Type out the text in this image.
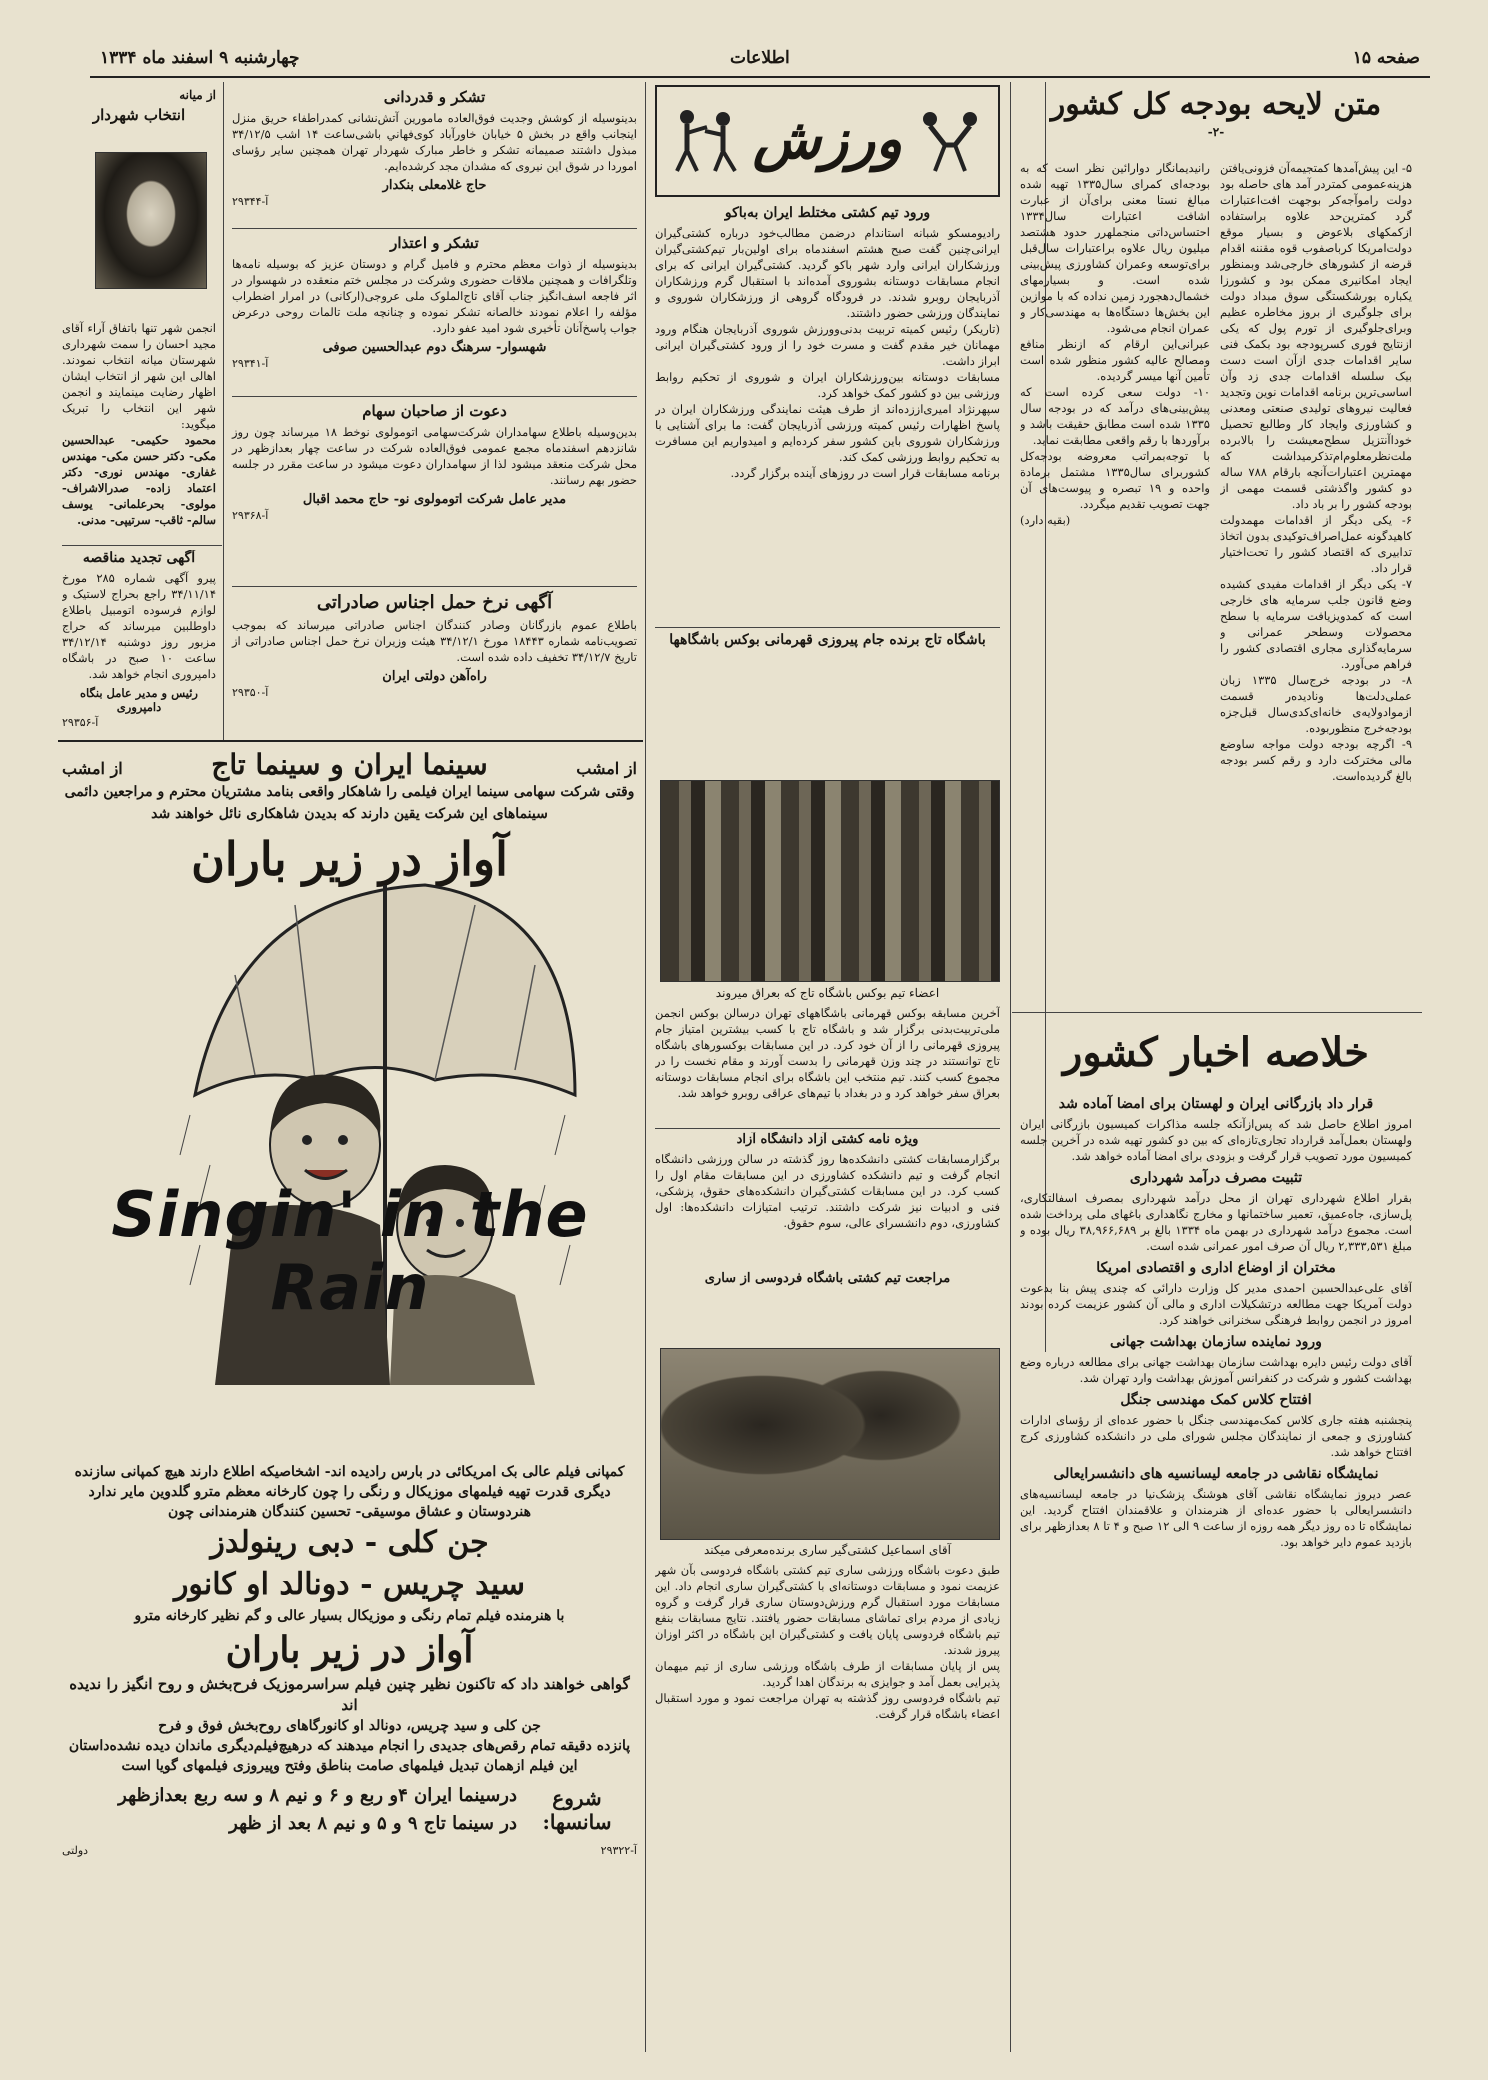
صفحه ۱۵
اطلاعات
چهارشنبه ۹ اسفند ماه ۱۳۳۴
متن لایحه بودجه کل کشور
-۲-

۵- این پیش‌آمدها کمتجیمه‌آن فزونی‌یافتن هزینه‌عمومی کمتردر آمد های حاصله بود دولت راموآجه‌کر بوجهت افت‌اعتبارات گرد کمترین‌حد علاوه براستفاده ازکمکهای بلاعوض و بسیار موقع دولت‌امریکا کرباصفوب قوه مقننه اقدام قرضه از کشورهای خارجی‌شد وبمنظور ایجاد امکانیری ممکن بود و کشورزا یکباره بورشکستگی سوق مبداد دولت برای جلوگیری از بروز مخاطره عظیم وبرای‌جلوگیری از تورم پول که یکی ازنتایج فوری کسرپودجه بود بکمک فنی سایر اقدامات جدی ازآن است دست بیک سلسله اقدامات جدی زد وآن اساسی‌ترین برنامه اقدامات نوین وتجدید فعالیت نیروهای تولیدی صنعتی ومعدنی و کشاورزی وایجاد کار وطالبع تحصیل خوداآنتزیل سطح‌معیشت را بالابرده ملت‌نظرمعلوم‌ام‌تذکرمیداشت که مهمترین اعتبارات‌آنچه بارقام ۷۸۸ ساله دو کشور واگذشتی قسمت مهمی از بودجه کشور را بر باد داد.
۶- یکی دیگر از اقدامات مهمدولت کاهیدگونه عمل‌اصراف‌توکیدی بدون اتخاذ تدابیری که اقتصاد کشور را تحت‌اختیار قرار داد.
۷- یکی دیگر از اقدامات مفیدی کشیده وضع قانون جلب سرمایه های خارجی است که کمدویزیافت سرمایه با سطح محصولات وسطحر عمرانی و سرمایه‌گذاری مجاری اقتصادی کشور را فراهم می‌آورد.
۸- در بودجه خرج‌سال ۱۳۳۵ زبان عملی‌دلت‌ها ونادیده‌ر قسمت ازمواد‌ولایه‌ی خانه‌ای‌کدی‌سال قبل‌جزه بودجه‌خرج منظوربوده.
۹- اگرچه بودجه دولت مواجه ساوضع مالی مخترکت دارد و رقم کسر بودجه بالغ گردیده‌است.

رانیدیمانگار دوارائین نظر است که به بودجه‌ای کمرای سال۱۳۳۵ تهیه شده مبالغ نستا معنی برای‌آن از عبارت اشافت اعتبارات سال۱۳۳۴ احتساس‌داتی منجملهرر حدود هشتصد میلیون ریال علاوه براعتبارات سال‌قبل برای‌توسعه وعمران کشاورزی پیش‌بینی شده است. و بسیارمهای خشمال‌دهجورد زمین نداده که با موازین این بخش‌ها دستگاه‌ها به مهندسی‌کار و عمران انجام می‌شود.
عبرانی‌این ارقام که ازنظر منافع ومصالح عالیه کشور منظور شده است تأمین آنها میسر گردیده.
۱۰- دولت سعی کرده است که پیش‌بینی‌های درآمد که در بودجه سال ۱۳۳۵ شده است مطابق حقیقت باشد و برآوردها با رقم واقعی مطابقت نماید.
با توجه‌بمراتب معروضه بودجه‌کل کشوربرای سال۱۳۳۵ مشتمل برمادة واحده و ۱۹ تبصره و پیوست‌های آن جهت تصویب تقدیم میگردد.

(بقیه دارد)

خلاصه اخبار کشور
قرار داد بازرگانی ایران و لهستان برای امضا آماده شد

امروز اطلاع حاصل شد که پس‌ازآنکه جلسه مذاکرات کمیسیون بازرگانی ایران ولهستان بعمل‌آمد قرارداد تجاری‌تازه‌ای که بین دو کشور تهیه شده در آخرین جلسه کمیسیون مورد تصویب قرار گرفت و بزودی برای امضا آماده خواهد شد.

تثبیت مصرف درآمد شهرداری

بقرار اطلاع شهرداری تهران از محل درآمد شهرداری بمصرف اسفالتکاری، پل‌سازی، جاه‌عمیق، تعمیر ساختمانها و مخارج نگاهداری باغهای ملی پرداخت شده است. مجموع درآمد شهرداری در بهمن ماه ۱۳۳۴ بالغ بر ۳۸,۹۶۶,۶۸۹ ریال بوده و مبلغ ۲,۳۳۳,۵۳۱ ریال آن صرف امور عمرانی شده است.

مختران از اوضاع اداری و اقتصادی امریکا

آقای علی‌عبدالحسین احمدی مدیر کل وزارت دارائی که چندی پیش بنا بدعوت دولت آمریکا جهت مطالعه درتشکیلات اداری و مالی آن کشور عزیمت کرده بودند امروز در انجمن روابط فرهنگی سخنرانی خواهند کرد.

ورود نماینده سازمان بهداشت جهانی

آقای دولت رئیس دایره بهداشت سازمان بهداشت جهانی برای مطالعه درباره وضع بهداشت کشور و شرکت در کنفرانس آموزش بهداشت وارد تهران شد.

افتتاح کلاس کمک مهندسی جنگل

پنجشنبه هفته جاری کلاس کمک‌مهندسی جنگل با حضور عده‌ای از رؤسای ادارات کشاورزی و جمعی از نمایندگان مجلس شورای ملی در دانشکده کشاورزی کرج افتتاح خواهد شد.

نمایشگاه نقاشی در جامعه لیسانسیه های دانشسرایعالی

عصر دیروز نمایشگاه نقاشی آقای هوشنگ پزشک‌نیا در جامعه لیسانسیه‌های دانشسرایعالی با حضور عده‌ای از هنرمندان و علاقمندان افتتاح گردید. این نمایشگاه تا ده روز دیگر همه روزه از ساعت ۹ الی ۱۲ صبح و ۴ تا ۸ بعدازظهر برای بازدید عموم دایر خواهد بود.

ورزش
ورود تیم کشتی مختلط ایران به‌باکو

رادیومسکو شبانه استاندام درضمن مطالب‌خود درباره کشتی‌گیران ایرانی‌چنین گفت صبح هشتم اسفندماه برای اولین‌بار تیم‌کشتی‌گیران ورزشکاران ایرانی وارد شهر باکو گردید. کشتی‌گیران ایرانی که برای انجام مسابقات دوستانه بشوروی آمده‌اند با استقبال گرم ورزشکاران آذربایجان روبرو شدند. در فرودگاه گروهی از ورزشکاران شوروی و نمایندگان ورزشی حضور داشتند.
(تاریکر) رئیس کمیته تربیت بدنی‌وورزش شوروی آذربایجان هنگام ورود مهمانان خیر مقدم گفت و مسرت خود را از ورود کشتی‌گیران ایرانی ابراز داشت.
مسابقات دوستانه بین‌ورزشکاران ایران و شوروی از تحکیم روابط ورزشی بین دو کشور کمک خواهد کرد.
سپهرنژاد امیری‌اززده‌اند از طرف هیئت نمایندگی ورزشکاران ایران در پاسخ اظهارات رئیس کمیته ورزشی آذربایجان گفت: ما برای آشنایی با ورزشکاران شوروی باین کشور سفر کرده‌ایم و امیدواریم این مسافرت به تحکیم روابط ورزشی کمک کند.
برنامه مسابقات قرار است در روزهای آینده برگزار گردد.

باشگاه تاج برنده جام پیروزی قهرمانی بوکس باشگاهها
اعضاء تیم بوکس باشگاه تاج که بعراق میروند

آخرین مسابقه بوکس قهرمانی باشگاههای تهران درسالن بوکس انجمن ملی‌تربیت‌بدنی برگزار شد و باشگاه تاج با کسب بیشترین امتیاز جام پیروزی قهرمانی را از آن خود کرد. در این مسابقات بوکسورهای باشگاه تاج توانستند در چند وزن قهرمانی را بدست آورند و مقام نخست را در مجموع کسب کنند. تیم منتخب این باشگاه برای انجام مسابقات دوستانه بعراق سفر خواهد کرد و در بغداد با تیم‌های عراقی روبرو خواهد شد.

ویژه نامه کشتی آزاد دانشگاه آزاد

برگزار‌مسابقات کشتی دانشکده‌ها روز گذشته در سالن ورزشی دانشگاه انجام گرفت و تیم دانشکده کشاورزی در این مسابقات مقام اول را کسب کرد. در این مسابقات کشتی‌گیران دانشکده‌های حقوق، پزشکی، فنی و ادبیات نیز شرکت داشتند. ترتیب امتیازات دانشکده‌ها: اول کشاورزی، دوم دانشسرای عالی، سوم حقوق.

مراجعت تیم کشتی باشگاه فردوسی از ساری
آقای اسماعیل کشتی‌گیر ساری برنده‌معرفی میکند

طبق دعوت باشگاه ورزشی ساری تیم کشتی باشگاه فردوسی بآن شهر عزیمت نمود و مسابقات دوستانه‌ای با کشتی‌گیران ساری انجام داد. این مسابقات مورد استقبال گرم ورزش‌دوستان ساری قرار گرفت و گروه زیادی از مردم برای تماشای مسابقات حضور یافتند. نتایج مسابقات بنفع تیم باشگاه فردوسی پایان یافت و کشتی‌گیران این باشگاه در اکثر اوزان پیروز شدند.
پس از پایان مسابقات از طرف باشگاه ورزشی ساری از تیم میهمان پذیرایی بعمل آمد و جوایزی به برندگان اهدا گردید.
تیم باشگاه فردوسی روز گذشته به تهران مراجعت نمود و مورد استقبال اعضاء باشگاه قرار گرفت.

تشکر و قدردانی

بدینوسیله از کوشش وجدیت فوق‌العاده مامورین آتش‌نشانی کمدراطفاء حریق منزل اینجانب واقع در بخش ۵ خیابان خاورآباد کوی‌فهاني باشی‌ساعت ۱۴ اشب ۳۴/۱۲/۵ مبذول داشتند صمیمانه تشکر و خاطر مبارک شهردار تهران همچنین سایر رؤسای اموردا در شوق این نیروی که مشدان مجد کرشده‌ایم.

حاج غلامعلی بنکدار
آ-۲۹۳۴۴
تشکر و اعتذار

بدینوسیله از ذوات معظم محترم و فامیل گرام و دوستان عزیز که بوسیله نامه‌ها وتلگرافات و همچنین ملاقات حضوری وشرکت در مجلس ختم منعقده در شهسوار در اثر فاجعه اسف‌انگیز جناب آقای تاج‌الملوک ملی عروجی(ارکانی) در امرار اضطراب مؤلفه را اعلام نمودند خالصانه تشکر نموده و چنانچه ملت تالمات روحی درعرض جواب پاسخ‌آنان تأخیری شود امید عفو دارد.

شهسوار- سرهنگ دوم عبدالحسین صوفی
آ-۲۹۳۴۱
دعوت از صاحبان سهام

بدین‌وسیله باطلاع سهامداران شرکت‌سهامی اتومولوی نوخط ۱۸ میرساند چون روز شانزدهم اسفندماه مجمع عمومی فوق‌العاده شرکت در ساعت چهار بعدازظهر در محل شرکت منعقد میشود لذا از سهامداران دعوت میشود در ساعت مقرر در جلسه حضور بهم رسانند.

مدیر عامل شرکت اتومولوی نو- حاج محمد اقبال
آ-۲۹۳۶۸
آگهی نرخ حمل اجناس صادراتی

باطلاع عموم بازرگانان وصادر کنندگان اجناس صادراتی میرساند که بموجب تصویب‌نامه شماره ۱۸۴۴۳ مورخ ۳۴/۱۲/۱ هیئت وزیران نرخ حمل اجناس صادراتی از تاریخ ۳۴/۱۲/۷ تخفیف داده شده است.

راه‌آهن دولتی ایران
آ-۲۹۳۵۰
از میانه
انتخاب شهردار

انجمن شهر تنها باتفاق آراء آقای مجید احسان را سمت شهرداری شهرستان میانه انتخاب نمودند. اهالی این شهر از انتخاب ایشان اظهار رضایت مینمایند و انجمن شهر این انتخاب را تبریک میگوید:

محمود حکیمی- عبدالحسین مکی- دکتر حسن مکی- مهندس غفاری- مهندس نوری- دکتر اعتماد زاده- صدرالاشراف- مولوی- بحرعلمانی- یوسف سالم- ثاقب- سرتیپی- مدنی.

آگهی تجدید مناقصه

پیرو آگهی شماره ۲۸۵ مورخ ۳۴/۱۱/۱۴ راجع بحراج لاستیک و لوازم فرسوده اتومبیل باطلاع داوطلبین میرساند که حراج مزبور روز دوشنبه ۳۴/۱۲/۱۴ ساعت ۱۰ صبح در باشگاه دامپروری انجام خواهد شد.

رئیس و مدیر عامل بنگاه دامپروری
آ-۲۹۳۵۶
از امشب
سینما ایران و سینما تاج
از امشب

وقتی شرکت سهامی سینما ایران فیلمی را شاهکار واقعی بنامد مشتریان محترم و مراجعین دائمی سینماهای این شرکت یقین دارند که بدیدن شاهکاری نائل خواهند شد

آواز در زیر باران
Singin' in the Rain

کمپانی فیلم عالی بک امریکائی در بارس رادیده اند- اشخاصیکه اطلاع دارند هیچ کمپانی سازنده دیگری قدرت تهیه فیلمهای موزیکال و رنگی را چون کارخانه معظم مترو گلدوین مایر ندارد هنردوستان و عشاق موسیقی- تحسین کنندگان هنرمندانی چون

جن کلی - دبی رینولدز
سید چریس - دونالد او کانور

با هنرمنده فیلم تمام رنگی و موزیکال بسیار عالی و گم نظیر کارخانه مترو

آواز در زیر باران

گواهی خواهند داد که تاکنون نظیر چنین فیلم سراسرموزیک فرح‌بخش و روح انگیز را ندیده اند

جن کلی و سید چریس، دونالد او کانورگاهای روح‌بخش فوق و فرح

پانزده دقیقه تمام رقص‌های جدیدی را انجام میدهند که درهیچ‌فیلم‌دیگری ماندان دیده نشده‌داستان این فیلم ازهمان تبدیل فیلمهای صامت بناطق وفتح وپیروزی فیلمهای گویا است

شروع سانسها:
درسینما ایران ۴و ربع و ۶ و نیم ۸ و سه ربع بعدازظهر
در سینما تاج ۹ و ۵ و نیم ۸ بعد از ظهر
آ-۲۹۳۲۲
دولتی
